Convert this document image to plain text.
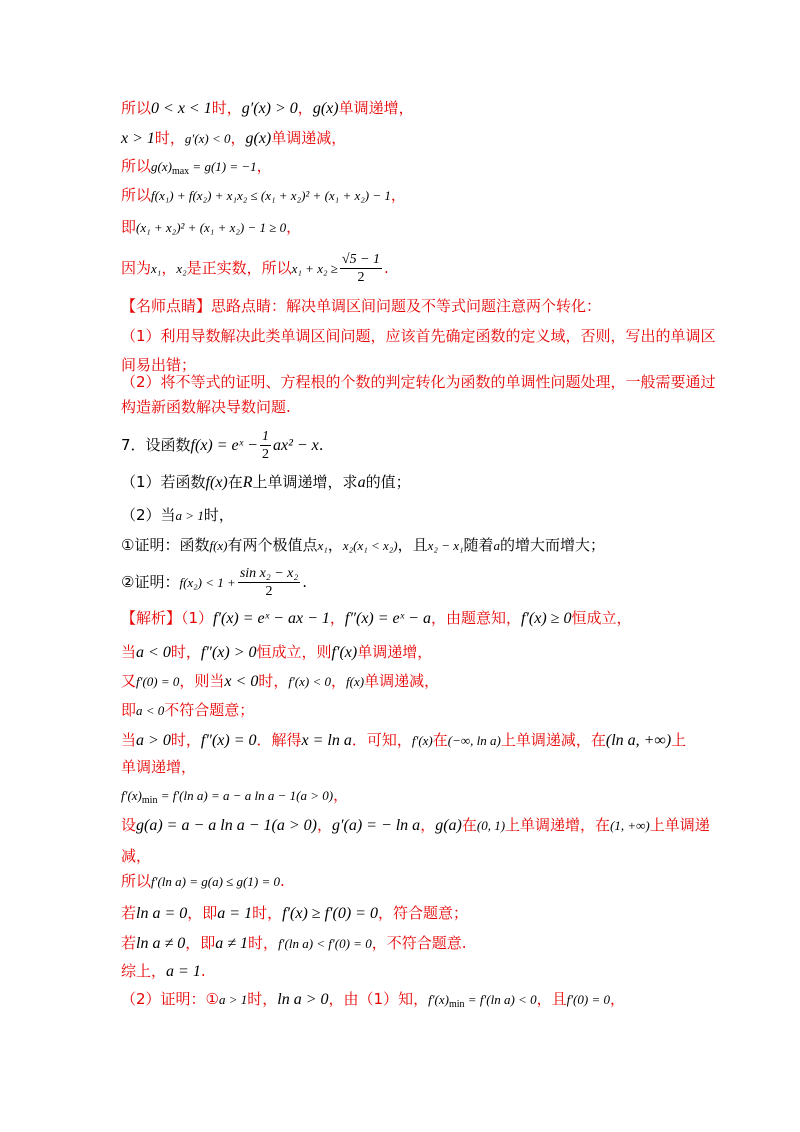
所以0 < x < 1时，g′(x) > 0，g(x)单调递增，
x > 1时，g′(x) < 0，g(x)单调递减，
所以$g(x)_{max} = g(1) = -1$，
所以f(x₁) + f(x₂) + x₁x₂ ≤ (x₁ + x₂)² + (x₁ + x₂) − 1，
即(x₁ + x₂)² + (x₁ + x₂) − 1 ≥ 0，
因为x₁，x₂是正实数，所以$x_1 + x_2 \ge \frac{√5 - 1}{2}$ .
【名师点睛】思路点睛：解决单调区间问题及不等式问题注意两个转化：
（1）利用导数解决此类单调区间问题，应该首先确定函数的定义域，否则，写出的单调区
间易出错；
（2）将不等式的证明、方程根的个数的判定转化为函数的单调性问题处理，一般需要通过
构造新函数解决导数问题.
7．设函数f(x) = eˣ − $\frac{1}{2} ax^2 - x$.
（1）若函数f(x)在R上单调递增，求a的值；
（2）当a > 1时，
①证明：函数f(x)有两个极值点x₁，x₂(x₁ < x₂)，且x₂ − x₁随着a的增大而增大；
②证明：$f(x_2) < 1 + \frac{\text{sin x₂ − x₂}}{2}$ .
【解析】（1）f′(x) = eˣ − ax − 1，f″(x) = eˣ − a，由题意知，f′(x) ≥ 0恒成立，
当a < 0时，f″(x) > 0恒成立，则f′(x)单调递增，
又f′(0) = 0，则当x < 0时，f′(x) < 0，f(x)单调递减，
即a < 0不符合题意；
当a > 0时，f″(x) = 0．解得x = ln a．可知，f′(x)在(−∞, ln a)上单调递减，在(ln a, +∞)上
单调递增，
$f'(x)_{min} = f'(\ln$ a) = a − a ln a − 1(a > 0)，
设g(a) = a − a ln a − 1(a > 0)，g′(a) = − ln a，g(a)在(0, 1)上单调递增，在(1, +∞)上单调递
减，
所以f′(ln a) = g(a) ≤ g(1) = 0.
若ln a = 0，即a = 1时，f′(x) ≥ f′(0) = 0，符合题意；
若ln a ≠ 0，即a ≠ 1时，f′(ln a) < f′(0) = 0，不符合题意.
综上，a = 1.
（2）证明：①a > 1时，ln a > 0，由（1）知，$f'(x)_{min} = f'(\ln$ a) < 0，且f′(0) = 0，
